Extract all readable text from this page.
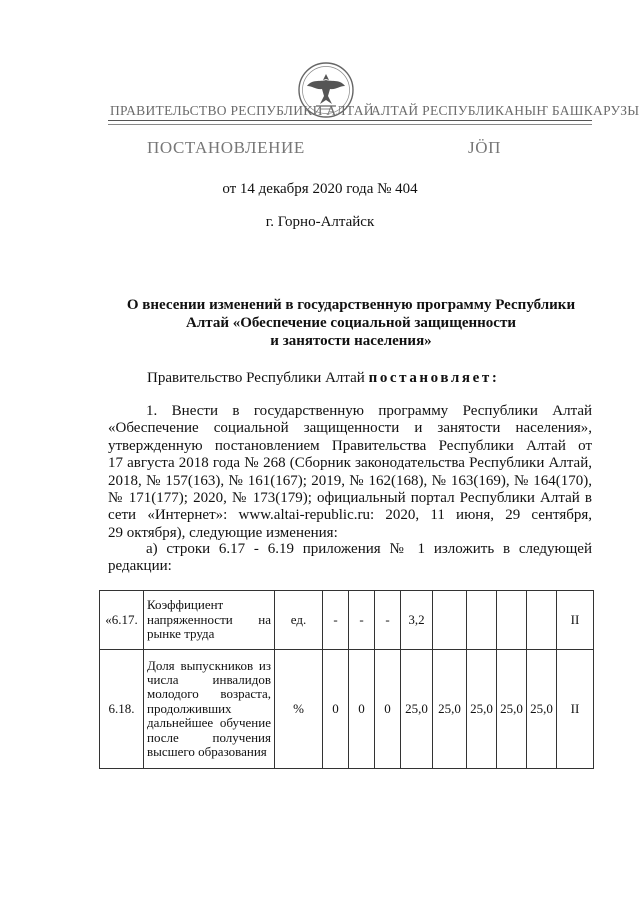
ПРАВИТЕЛЬСТВО РЕСПУБЛИКИ АЛТАЙ
АЛТАЙ РЕСПУБЛИКАНЫҤ БАШКАРУЗЫ
ПОСТАНОВЛЕНИЕ	ЈӦП
от 14 декабря 2020 года № 404
г. Горно-Алтайск
О внесении изменений в государственную программу Республики
Алтай «Обеспечение социальной защищенности
и занятости населения»
Правительство Республики Алтай постановляет:
1. Внести в государственную программу Республики Алтай
«Обеспечение социальной защищенности и занятости населения»,
утвержденную постановлением Правительства Республики Алтай от
17 августа 2018 года № 268 (Сборник законодательства Республики Алтай,
2018, № 157(163), № 161(167); 2019, № 162(168), № 163(169), № 164(170),
№ 171(177); 2020, № 173(179); официальный портал Республики Алтай в
сети «Интернет»: www.altai-republic.ru: 2020, 11 июня, 29 сентября,
29 октября), следующие изменения:
а) строки 6.17 - 6.19 приложения № 1 изложить в следующей
редакции:
«6.17.	Коэффициент напряженности на рынке труда	ед.	-	-	-	3,2					II
6.18.	Доля выпускников из числа инвалидов молодого возраста, продолживших дальнейшее обучение после получения высшего образования	%	0	0	0	25,0	25,0	25,0	25,0	25,0	II
